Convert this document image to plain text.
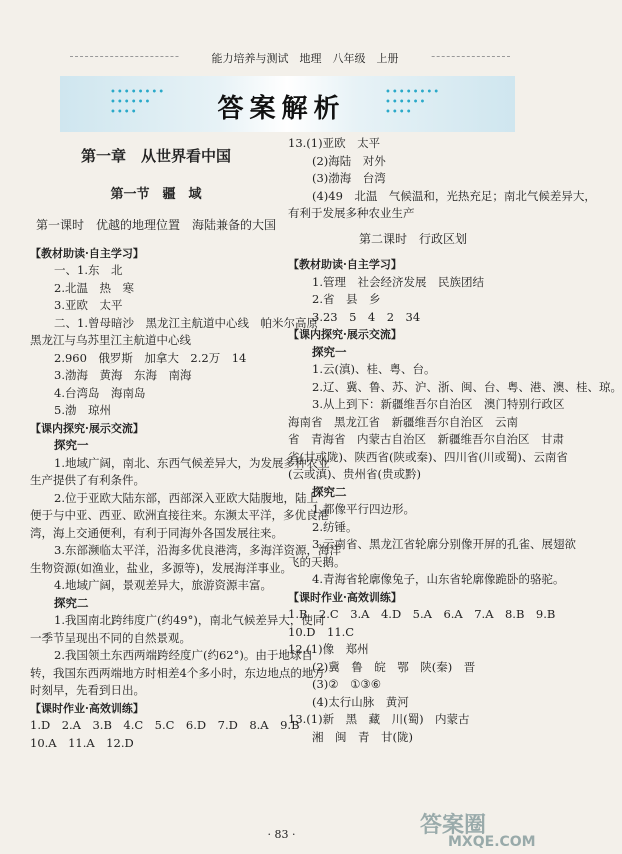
能力培养与测试　地理　八年级　上册
••••••••
••••••
••••
••••••••
••••••
••••
答案解析
第一章　从世界看中国
第一节　疆　域
第一课时　优越的地理位置　海陆兼备的大国
【教材助读·自主学习】
一、1.东　北
2.北温　热　寒
3.亚欧　太平
二、1.曾母暗沙　黑龙江主航道中心线　帕米尔高原
黑龙江与乌苏里江主航道中心线
2.960　俄罗斯　加拿大　2.2万　14
3.渤海　黄海　东海　南海
4.台湾岛　海南岛
5.渤　琼州
【课内探究·展示交流】
探究一
1.地域广阔，南北、东西气候差异大，为发展多种农业
生产提供了有利条件。
2.位于亚欧大陆东部，西部深入亚欧大陆腹地，陆上
便于与中亚、西亚、欧洲直接往来。东濒太平洋，多优良港
湾，海上交通便利，有利于同海外各国发展往来。
3.东部濒临太平洋，沿海多优良港湾，多海洋资源，海洋
生物资源(如渔业，盐业，多源等)，发展海洋事业。
4.地域广阔，景观差异大，旅游资源丰富。
探究二
1.我国南北跨纬度广(约49°)，南北气候差异大，使同
一季节呈现出不同的自然景观。
2.我国领土东西两端跨经度广(约62°)。由于地球自
转，我国东西两端地方时相差4个多小时，东边地点的地方
时刻早，先看到日出。
【课时作业·高效训练】
1.D　2.A　3.B　4.C　5.C　6.D　7.D　8.A　9.B
10.A　11.A　12.D
13.(1)亚欧　太平
(2)海陆　对外
(3)渤海　台湾
(4)49　北温　气候温和，光热充足；南北气候差异大，
有利于发展多种农业生产
第二课时　行政区划
【教材助读·自主学习】
1.管理　社会经济发展　民族团结
2.省　县　乡
3.23　5　4　2　34
【课内探究·展示交流】
探究一
1.云(滇)、桂、粤、台。
2.辽、冀、鲁、苏、沪、浙、闽、台、粤、港、澳、桂、琼。
3.从上到下：新疆维吾尔自治区　澳门特别行政区
海南省　黑龙江省　新疆维吾尔自治区　云南
省　青海省　内蒙古自治区　新疆维吾尔自治区　甘肃
省(甘或陇)、陕西省(陕或秦)、四川省(川或蜀)、云南省
(云或滇)、贵州省(贵或黔)
探究二
1.都像平行四边形。
2.纺锤。
3.云南省、黑龙江省轮廓分别像开屏的孔雀、展翅欲
飞的天鹅。
4.青海省轮廓像兔子，山东省轮廓像跪卧的骆驼。
【课时作业·高效训练】
1.B　2.C　3.A　4.D　5.A　6.A　7.A　8.B　9.B
10.D　11.C
12.(1)像　郑州
(2)冀　鲁　皖　鄂　陕(秦)　晋
(3)②　①③⑥
(4)太行山脉　黄河
13.(1)新　黑　藏　川(蜀)　内蒙古
湘　闽　青　甘(陇)
· 83 ·	答案圈
MXQE.COM
